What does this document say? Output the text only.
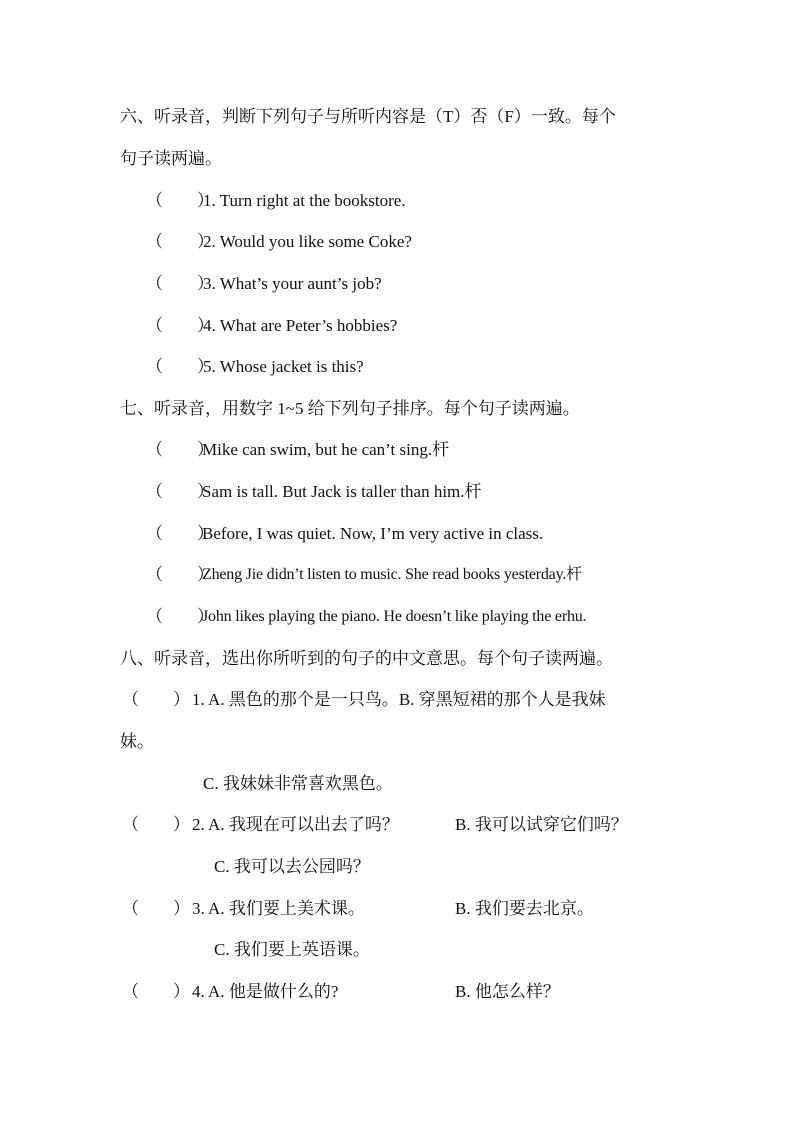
六、听录音，判断下列句子与所听内容是（T）否（F）一致。每个
句子读两遍。
（　　）
1. Turn right at the bookstore.
（　　）
2. Would you like some Coke?
（　　）
3. What’s your aunt’s job?
（　　）
4. What are Peter’s hobbies?
（　　）
5. Whose jacket is this?
七、听录音，用数字 1~5 给下列句子排序。每个句子读两遍。
（　　）
Mike can swim, but he can’t sing.杆
（　　）
Sam is tall. But Jack is taller than him.杆
（　　）
Before, I was quiet. Now, I’m very active in class.
（　　）
Zheng Jie didn’t listen to music. She read books yesterday.杆
（　　）
John likes playing the piano. He doesn’t like playing the erhu.
八、听录音，选出你所听到的句子的中文意思。每个句子读两遍。
（　　） 1. A. 黑色的那个是一只鸟。B. 穿黑短裙的那个人是我妹
妹。
C. 我妹妹非常喜欢黑色。
（　　） 2. A. 我现在可以出去了吗？	B. 我可以试穿它们吗？
C. 我可以去公园吗？
（　　） 3. A. 我们要上美术课。	B. 我们要去北京。
C. 我们要上英语课。
（　　） 4. A. 他是做什么的?	B. 他怎么样？
